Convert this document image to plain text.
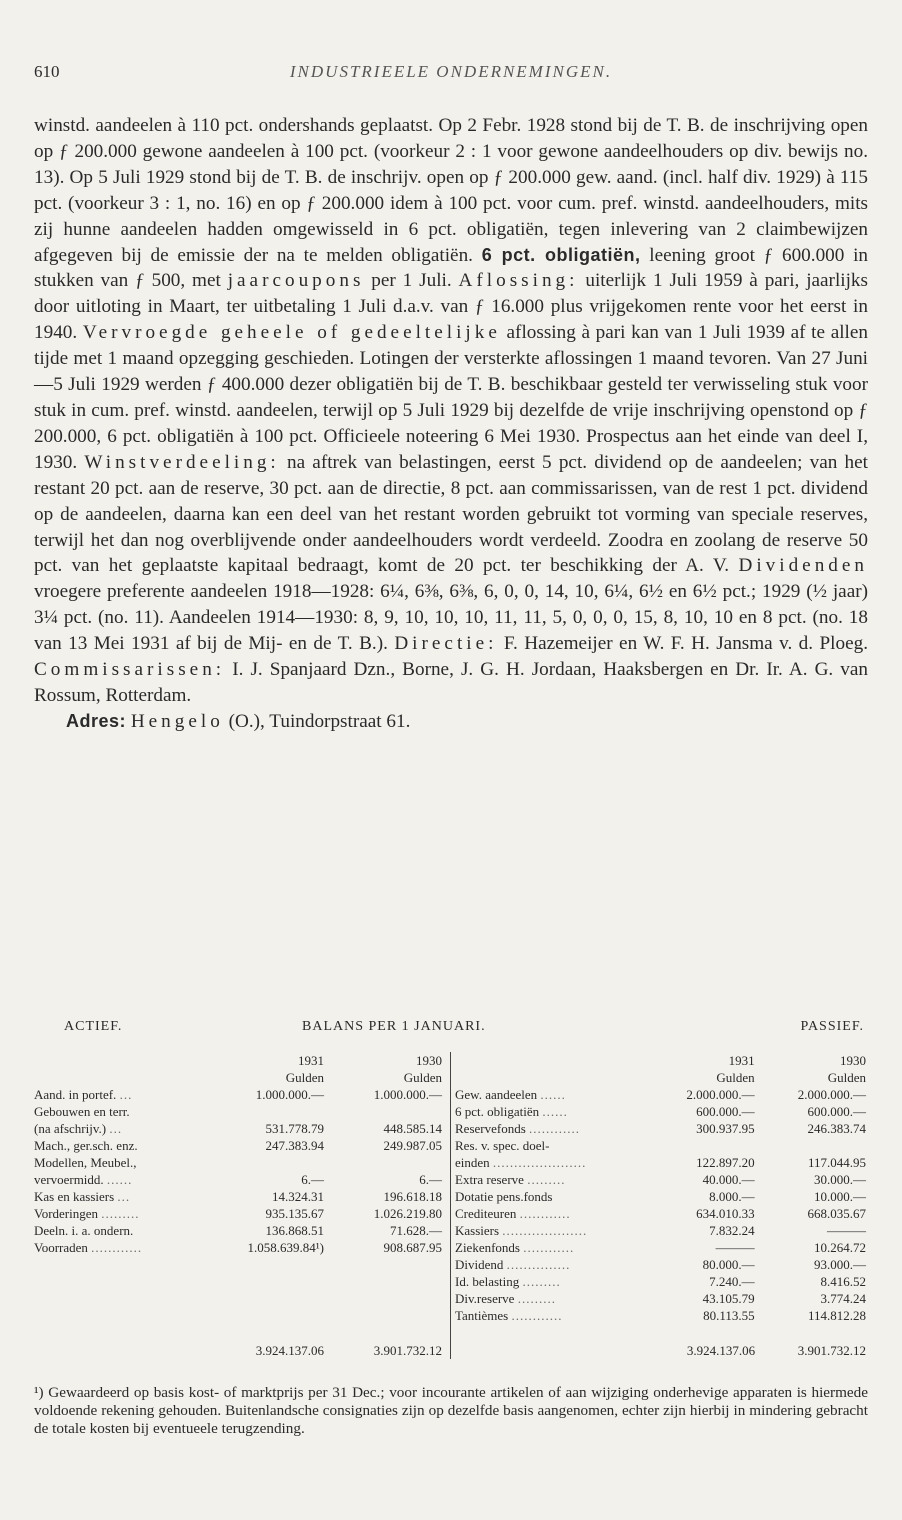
610	INDUSTRIEELE ONDERNEMINGEN.

winstd. aandeelen à 110 pct. ondershands geplaatst. Op 2 Febr. 1928 stond bij de T. B. de inschrijving open op ƒ 200.000 gewone aandeelen à 100 pct. (voorkeur 2 : 1 voor gewone aandeelhouders op div. bewijs no. 13). Op 5 Juli 1929 stond bij de T. B. de inschrijv. open op ƒ 200.000 gew. aand. (incl. half div. 1929) à 115 pct. (voorkeur 3 : 1, no. 16) en op ƒ 200.000 idem à 100 pct. voor cum. pref. winstd. aandeelhouders, mits zij hunne aandeelen hadden omgewisseld in 6 pct. obligatiën, tegen inlevering van 2 claimbewijzen afgegeven bij de emissie der na te melden obligatiën. 6 pct. obligatiën, leening groot ƒ 600.000 in stukken van ƒ 500, met jaarcoupons per 1 Juli. Aflossing: uiterlijk 1 Juli 1959 à pari, jaarlijks door uitloting in Maart, ter uitbetaling 1 Juli d.a.v. van ƒ 16.000 plus vrijgekomen rente voor het eerst in 1940. Vervroegde geheele of gedeeltelijke aflossing à pari kan van 1 Juli 1939 af te allen tijde met 1 maand opzegging geschieden. Lotingen der versterkte aflossingen 1 maand tevoren. Van 27 Juni—5 Juli 1929 werden ƒ 400.000 dezer obligatiën bij de T. B. beschikbaar gesteld ter verwisseling stuk voor stuk in cum. pref. winstd. aandeelen, terwijl op 5 Juli 1929 bij dezelfde de vrije inschrijving openstond op ƒ 200.000, 6 pct. obligatiën à 100 pct. Officieele noteering 6 Mei 1930. Prospectus aan het einde van deel I, 1930. Winstverdeeling: na aftrek van belastingen, eerst 5 pct. dividend op de aandeelen; van het restant 20 pct. aan de reserve, 30 pct. aan de directie, 8 pct. aan commissarissen, van de rest 1 pct. dividend op de aandeelen, daarna kan een deel van het restant worden gebruikt tot vorming van speciale reserves, terwijl het dan nog overblijvende onder aandeelhouders wordt verdeeld. Zoodra en zoolang de reserve 50 pct. van het geplaatste kapitaal bedraagt, komt de 20 pct. ter beschikking der A. V. Dividenden vroegere preferente aandeelen 1918—1928: 6¼, 6⅜, 6⅜, 6, 0, 0, 14, 10, 6¼, 6½ en 6½ pct.; 1929 (½ jaar) 3¼ pct. (no. 11). Aandeelen 1914—1930: 8, 9, 10, 10, 10, 11, 11, 5, 0, 0, 0, 15, 8, 10, 10 en 8 pct. (no. 18 van 13 Mei 1931 af bij de Mij- en de T. B.). Directie: F. Hazemeijer en W. F. H. Jansma v. d. Ploeg. Commissarissen: I. J. Spanjaard Dzn., Borne, J. G. H. Jordaan, Haaksbergen en Dr. Ir. A. G. van Rossum, Rotterdam.

Adres: Hengelo (O.), Tuindorpstraat 61.

ACTIEF.	BALANS PER 1 JANUARI.	PASSIEF.
	1931	1930
	Gulden	Gulden
Aand. in portef. ...	1.000.000.—	1.000.000.—
Gebouwen en terr.		
(na afschrijv.) ...	531.778.79	448.585.14
Mach., ger.sch. enz.	247.383.94	249.987.05
Modellen, Meubel.,		
vervoermidd. ......	6.—	6.—
Kas en kassiers ...	14.324.31	196.618.18
Vorderingen .........	935.135.67	1.026.219.80
Deeln. i. a. ondern.	136.868.51	71.628.—
Voorraden ............	1.058.639.84¹)	908.687.95

	3.924.137.06	3.901.732.12
	1931	1930
	Gulden	Gulden
Gew. aandeelen ......	2.000.000.—	2.000.000.—
6 pct. obligatiën ......	600.000.—	600.000.—
Reservefonds ............	300.937.95	246.383.74
Res. v. spec. doel-		
einden ......................	122.897.20	117.044.95
Extra reserve .........	40.000.—	30.000.—
Dotatie pens.fonds	8.000.—	10.000.—
Crediteuren ............	634.010.33	668.035.67
Kassiers ....................	7.832.24	———
Ziekenfonds ............	———	10.264.72
Dividend ...............	80.000.—	93.000.—
Id. belasting .........	7.240.—	8.416.52
Div.reserve .........	43.105.79	3.774.24
Tantièmes ............	80.113.55	114.812.28
	3.924.137.06	3.901.732.12

¹) Gewaardeerd op basis kost- of marktprijs per 31 Dec.; voor incourante artikelen of aan wijziging onderhevige apparaten is hiermede voldoende rekening gehouden. Buitenlandsche consignaties zijn op dezelfde basis aangenomen, echter zijn hierbij in mindering gebracht de totale kosten bij eventueele terugzending.
